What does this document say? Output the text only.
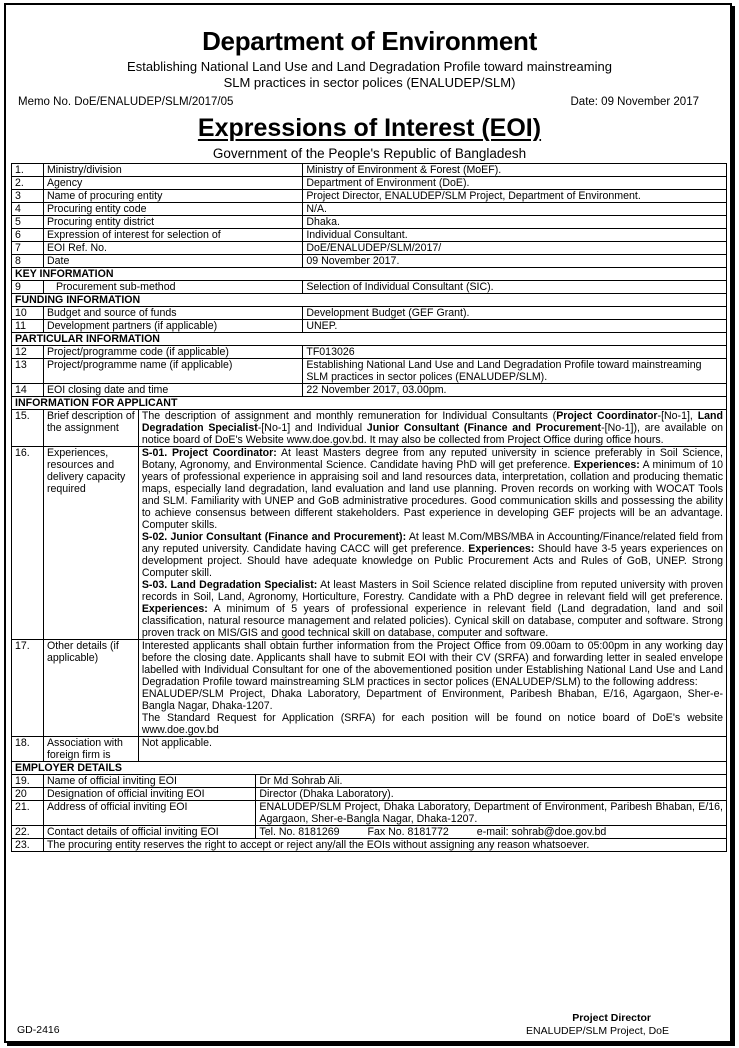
Department of Environment
Establishing National Land Use and Land Degradation Profile toward mainstreaming
SLM practices in sector polices (ENALUDEP/SLM)
Memo No. DoE/ENALUDEP/SLM/2017/05	Date: 09 November 2017
Expressions of Interest (EOI)
Government of the People's Republic of Bangladesh
1.	Ministry/division			Ministry of Environment & Forest (MoEF).
2.	Agency			Department of Environment (DoE).
3	Name of procuring entity			Project Director, ENALUDEP/SLM Project, Department of Environment.
4	Procuring entity code			N/A.
5	Procuring entity district			Dhaka.
6	Expression of interest for selection of			Individual Consultant.
7	EOI Ref. No.			DoE/ENALUDEP/SLM/2017/
8	Date			09 November 2017.
KEY INFORMATION				
9	Procurement sub-method			Selection of Individual Consultant (SIC).
FUNDING INFORMATION				
10	Budget and source of funds			Development Budget (GEF Grant).
11	Development partners (if applicable)			UNEP.
PARTICULAR INFORMATION				
12	Project/programme code (if applicable)			TF013026
13	Project/programme name (if applicable)			Establishing National Land Use and Land Degradation Profile toward mainstreaming SLM practices in sector polices (ENALUDEP/SLM).
14	EOI closing date and time			22 November 2017, 03.00pm.
INFORMATION FOR APPLICANT				
15.	Brief description of the assignment	The description of assignment and monthly remuneration for Individual Consultants (Project Coordinator-[No-1], Land Degradation Specialist-[No-1] and Individual Junior Consultant (Finance and Procurement-[No-1]), are available on notice board of DoE's Website www.doe.gov.bd. It may also be collected from Project Office during office hours.		
16.	Experiences, resources and delivery capacity required	S-01. Project Coordinator: At least Masters degree from any reputed university in science preferably in Soil Science, Botany, Agronomy, and Environmental Science. Candidate having PhD will get preference. Experiences: A minimum of 10 years of professional experience in appraising soil and land resources data, interpretation, collation and producing thematic maps, especially land degradation, land evaluation and land use planning. Proven records on working with WOCAT Tools and SLM. Familiarity with UNEP and GoB administrative procedures. Good communication skills and possessing the ability to achieve consensus between different stakeholders. Past experience in developing GEF projects will be an advantage. Computer skills.
S-02. Junior Consultant (Finance and Procurement): At least M.Com/MBS/MBA in Accounting/Finance/related field from any reputed university. Candidate having CACC will get preference. Experiences: Should have 3-5 years experiences on development project. Should have adequate knowledge on Public Procurement Acts and Rules of GoB, UNEP. Strong Computer skill.
S-03. Land Degradation Specialist: At least Masters in Soil Science related discipline from reputed university with proven records in Soil, Land, Agronomy, Horticulture, Forestry. Candidate with a PhD degree in relevant field will get preference. Experiences: A minimum of 5 years of professional experience in relevant field (Land degradation, land and soil classification, natural resource management and related policies). Cynical skill on database, computer and software. Strong proven track on MIS/GIS and good technical skill on database, computer and software.		

17.	Other details (if applicable)	Interested applicants shall obtain further information from the Project Office from 09.00am to 05:00pm in any working day before the closing date. Applicants shall have to submit EOI with their CV (SRFA) and forwarding letter in sealed envelope labelled with Individual Consultant for one of the abovementioned position under Establishing National Land Use and Land Degradation Profile toward mainstreaming SLM practices in sector polices (ENALUDEP/SLM) to the following address:
ENALUDEP/SLM Project, Dhaka Laboratory, Department of Environment, Paribesh Bhaban, E/16, Agargaon, Sher-e-Bangla Nagar, Dhaka-1207.
The Standard Request for Application (SRFA) for each position will be found on notice board of DoE's website www.doe.gov.bd		

18.	Association with foreign firm is	Not applicable.		
EMPLOYER DETAILS				
19.	Name of official inviting EOI		Dr Md Sohrab Ali.	
20	Designation of official inviting EOI		Director (Dhaka Laboratory).	
21.	Address of official inviting EOI		ENALUDEP/SLM Project, Dhaka Laboratory, Department of Environment, Paribesh Bhaban, E/16, Agargaon, Sher-e-Bangla Nagar, Dhaka-1207.	
22.	Contact details of official inviting EOI		Tel. No. 8181269 Fax No. 8181772 e-mail: sohrab@doe.gov.bd	
23.	The procuring entity reserves the right to accept or reject any/all the EOIs without assigning any reason whatsoever.			
GD-2416
Project Director
ENALUDEP/SLM Project, DoE
